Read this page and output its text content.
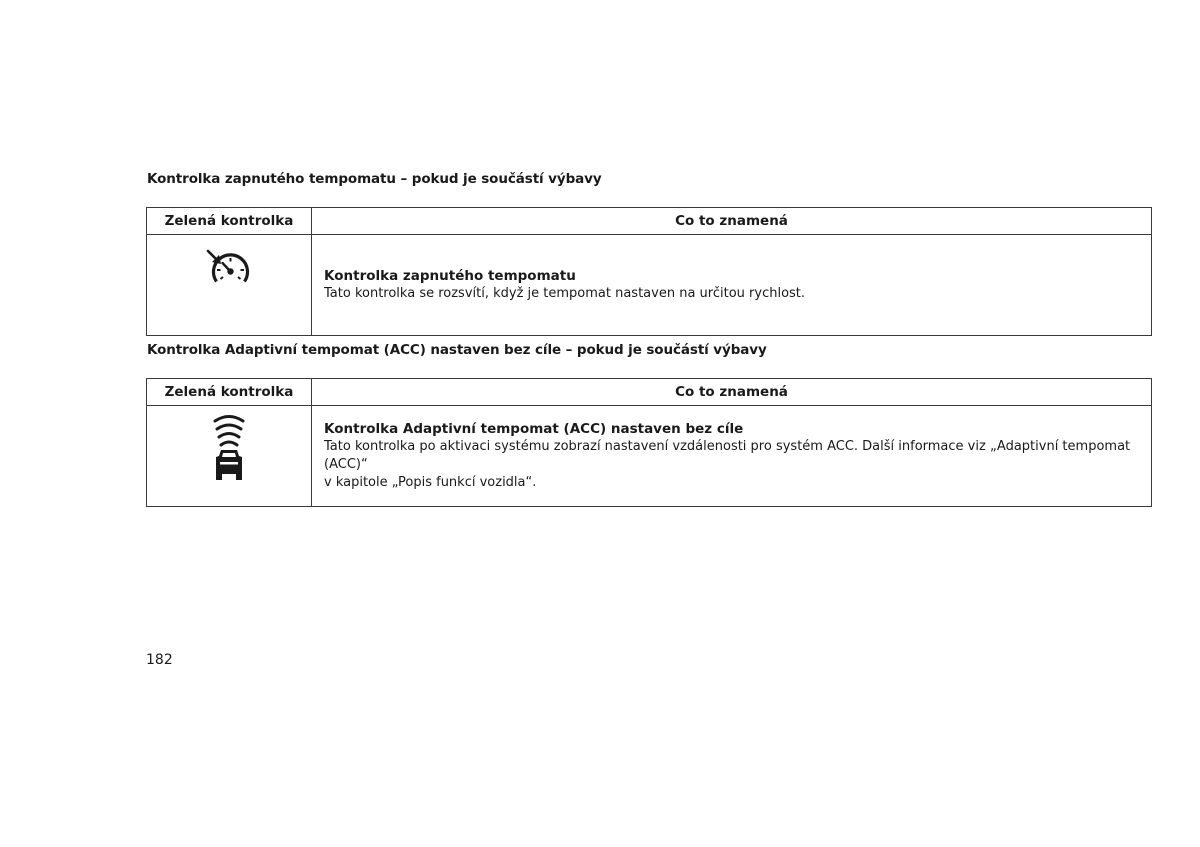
Kontrolka zapnutého tempomatu – pokud je součástí výbavy
Zelená kontrolka	Co to znamená

Kontrolka zapnutého tempomatu
Tato kontrolka se rozsvítí, když je tempomat nastaven na určitou rychlost.
Kontrolka Adaptivní tempomat (ACC) nastaven bez cíle – pokud je součástí výbavy
Zelená kontrolka	Co to znamená

Kontrolka Adaptivní tempomat (ACC) nastaven bez cíle
Tato kontrolka po aktivaci systému zobrazí nastavení vzdálenosti pro systém ACC. Další informace viz „Adaptivní tempomat (ACC)“
v kapitole „Popis funkcí vozidla“.
182
